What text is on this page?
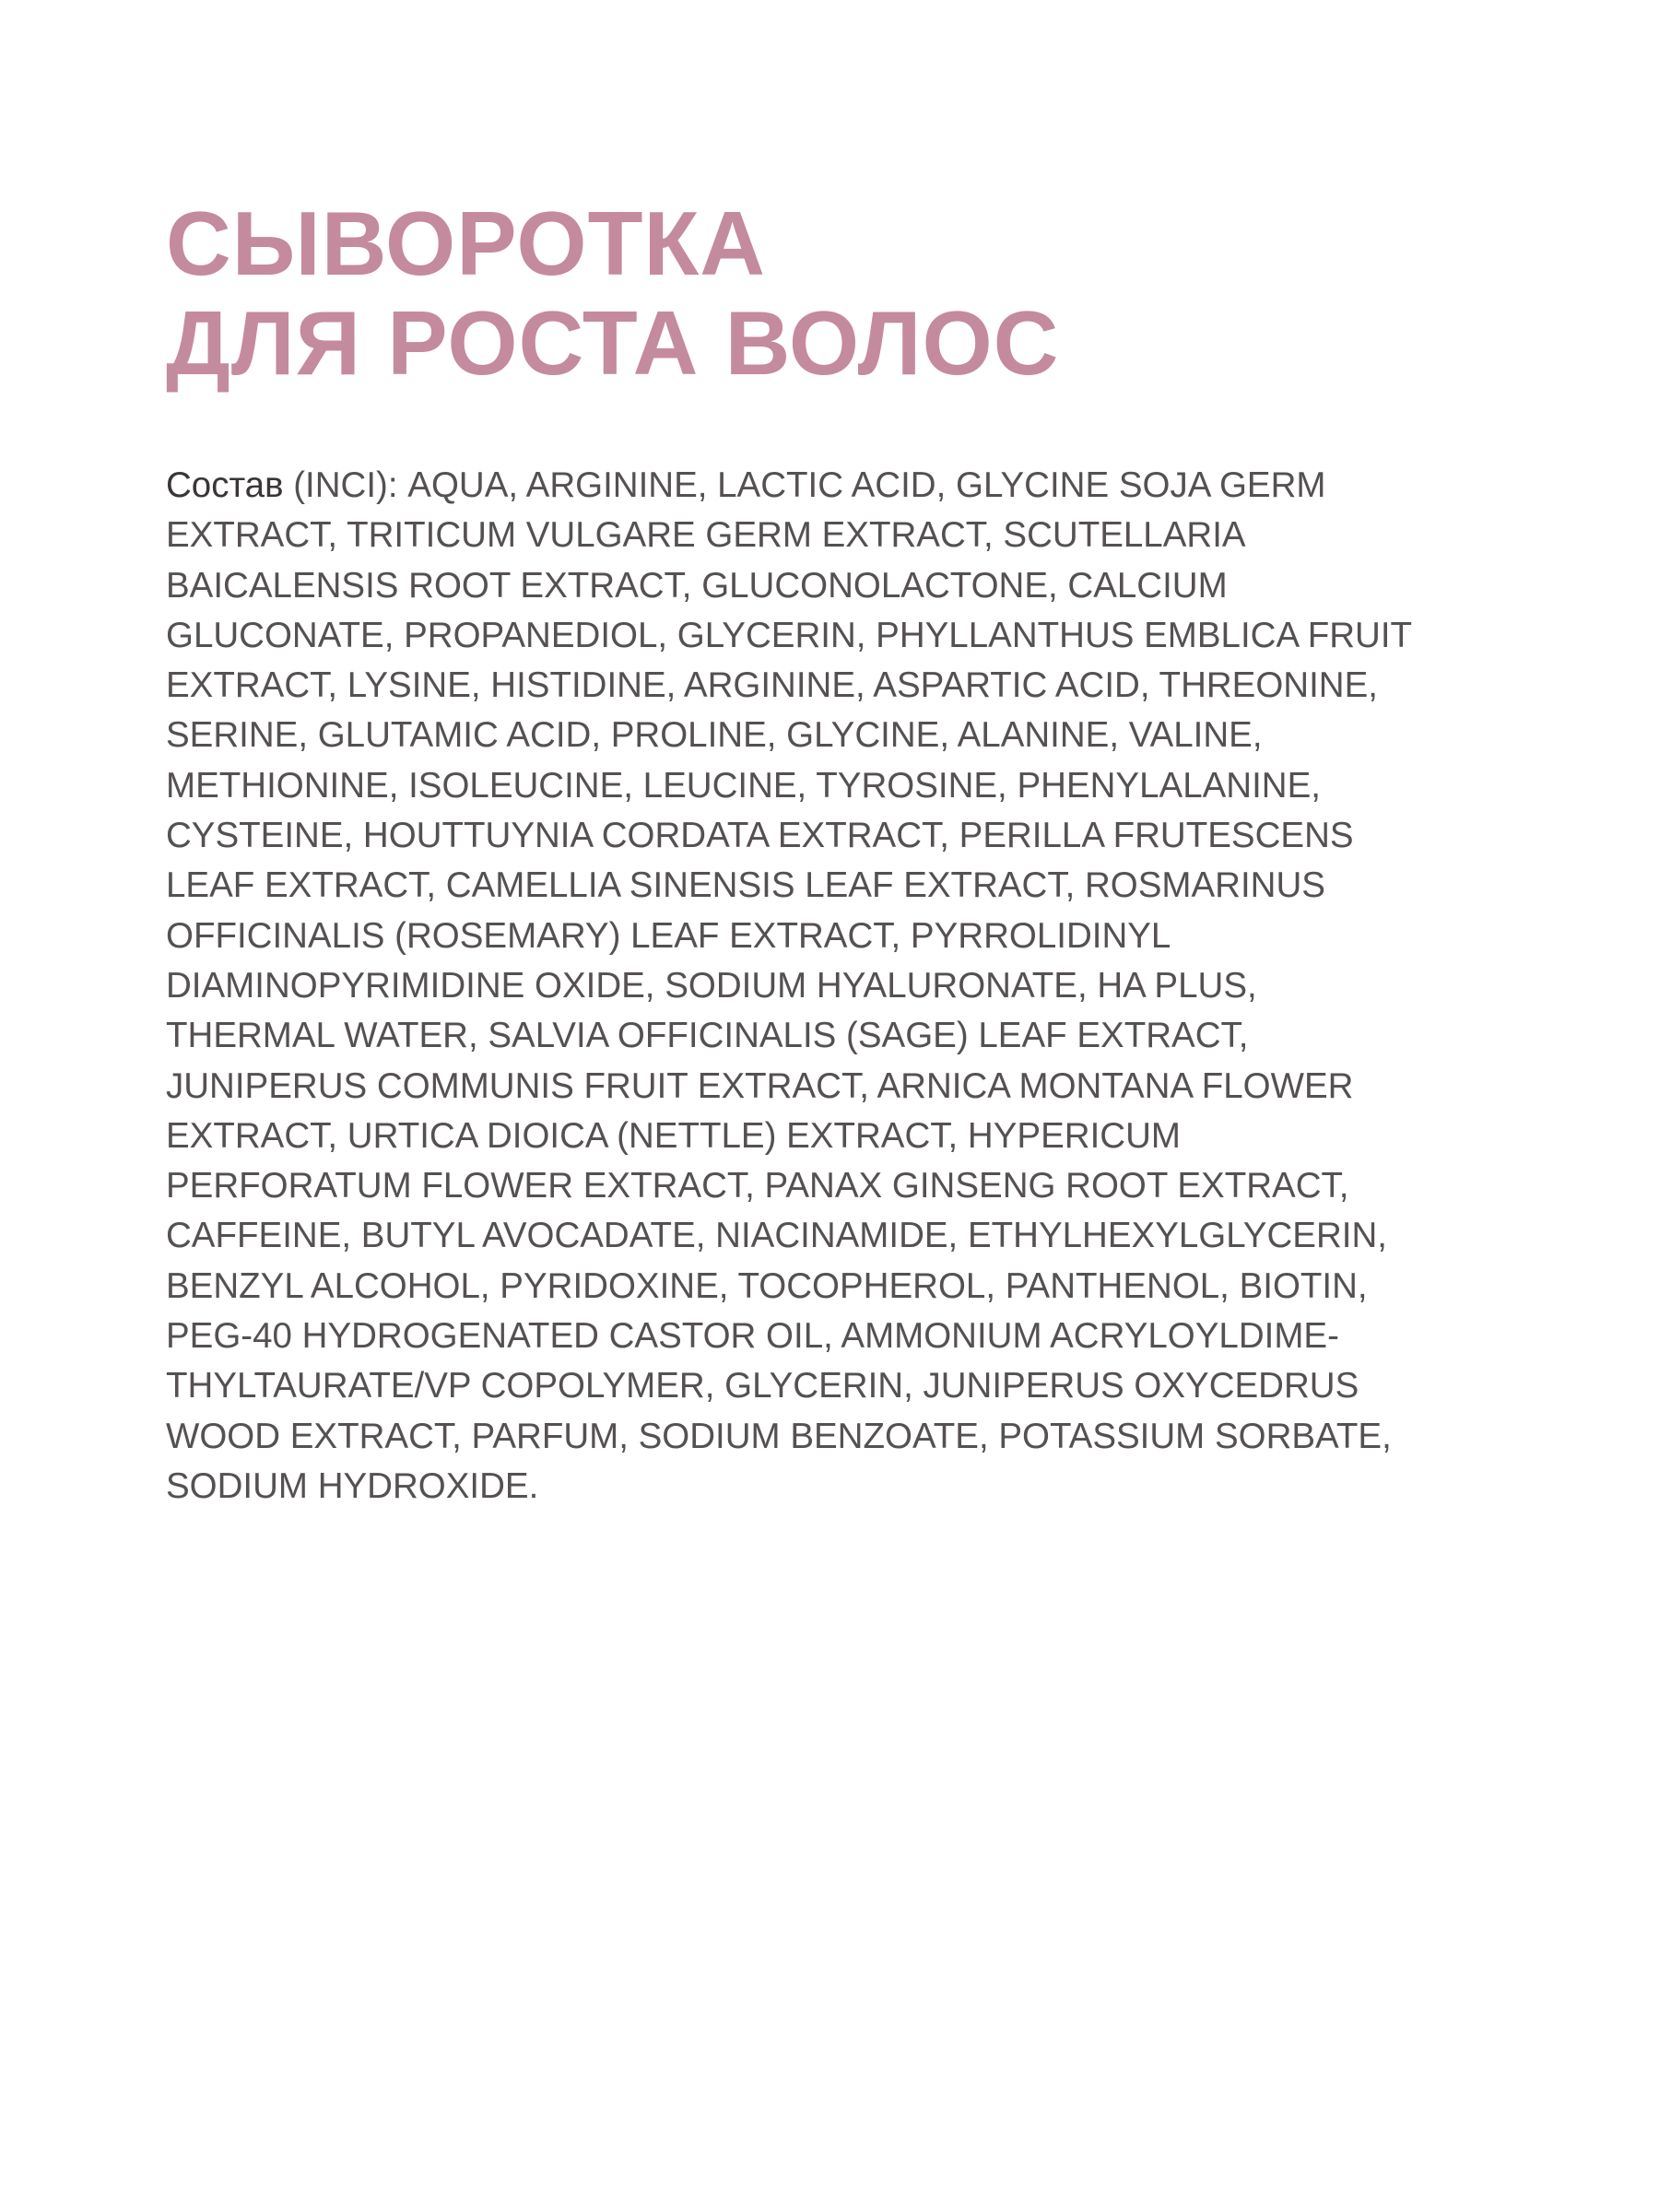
СЫВОРОТКА
ДЛЯ РОСТА ВОЛОС

Состав (INCI): AQUA, ARGININE, LACTIC ACID, GLYCINE SOJA GERM
EXTRACT, TRITICUM VULGARE GERM EXTRACT, SCUTELLARIA
BAICALENSIS ROOT EXTRACT, GLUCONOLACTONE, CALCIUM
GLUCONATE, PROPANEDIOL, GLYCERIN, PHYLLANTHUS EMBLICA FRUIT
EXTRACT, LYSINE, HISTIDINE, ARGININE, ASPARTIC ACID, THREONINE,
SERINE, GLUTAMIC ACID, PROLINE, GLYCINE, ALANINE, VALINE,
METHIONINE, ISOLEUCINE, LEUCINE, TYROSINE, PHENYLALANINE,
CYSTEINE, HOUTTUYNIA CORDATA EXTRACT, PERILLA FRUTESCENS
LEAF EXTRACT, CAMELLIA SINENSIS LEAF EXTRACT, ROSMARINUS
OFFICINALIS (ROSEMARY) LEAF EXTRACT, PYRROLIDINYL
DIAMINOPYRIMIDINE OXIDE, SODIUM HYALURONATE, HA PLUS,
THERMAL WATER, SALVIA OFFICINALIS (SAGE) LEAF EXTRACT,
JUNIPERUS COMMUNIS FRUIT EXTRACT, ARNICA MONTANA FLOWER
EXTRACT, URTICA DIOICA (NETTLE) EXTRACT, HYPERICUM
PERFORATUM FLOWER EXTRACT, PANAX GINSENG ROOT EXTRACT,
CAFFEINE, BUTYL AVOCADATE, NIACINAMIDE, ETHYLHEXYLGLYCERIN,
BENZYL ALCOHOL, PYRIDOXINE, TOCOPHEROL, PANTHENOL, BIOTIN,
PEG-40 HYDROGENATED CASTOR OIL, AMMONIUM ACRYLOYLDIME-
THYLTAURATE/VP COPOLYMER, GLYCERIN, JUNIPERUS OXYCEDRUS
WOOD EXTRACT, PARFUM, SODIUM BENZOATE, POTASSIUM SORBATE,
SODIUM HYDROXIDE.
